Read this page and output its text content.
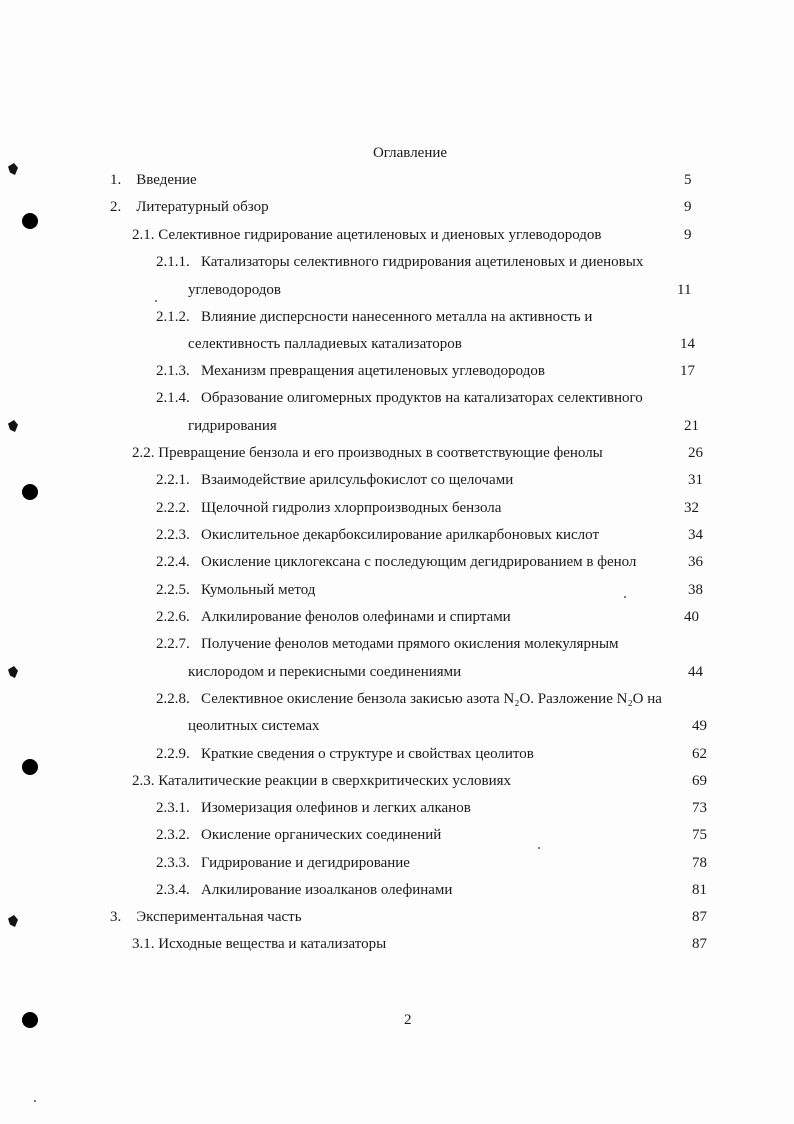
Оглавление
1. Введение	5
2. Литературный обзор	9
2.1. Селективное гидрирование ацетиленовых и диеновых углеводородов	9
2.1.1. Катализаторы селективного гидрирования ацетиленовых и диеновых
углеводородов	11
2.1.2. Влияние дисперсности нанесенного металла на активность и
селективность палладиевых катализаторов	14
2.1.3. Механизм превращения ацетиленовых углеводородов	17
2.1.4. Образование олигомерных продуктов на катализаторах селективного
гидрирования	21
2.2. Превращение бензола и его производных в соответствующие фенолы	26
2.2.1. Взаимодействие арилсульфокислот со щелочами	31
2.2.2. Щелочной гидролиз хлорпроизводных бензола	32
2.2.3. Окислительное декарбоксилирование арилкарбоновых кислот	34
2.2.4. Окисление циклогексана с последующим дегидрированием в фенол	36
2.2.5. Кумольный метод	38
2.2.6. Алкилирование фенолов олефинами и спиртами	40
2.2.7. Получение фенолов методами прямого окисления молекулярным
кислородом и перекисными соединениями	44
2.2.8. Селективное окисление бензола закисью азота N₂O. Разложение N₂O на
цеолитных системах	49
2.2.9. Краткие сведения о структуре и свойствах цеолитов	62
2.3. Каталитические реакции в сверхкритических условиях	69
2.3.1. Изомеризация олефинов и легких алканов	73
2.3.2. Окисление органических соединений	75
2.3.3. Гидрирование и дегидрирование	78
2.3.4. Алкилирование изоалканов олефинами	81
3. Экспериментальная часть	87
3.1. Исходные вещества и катализаторы	87
2
